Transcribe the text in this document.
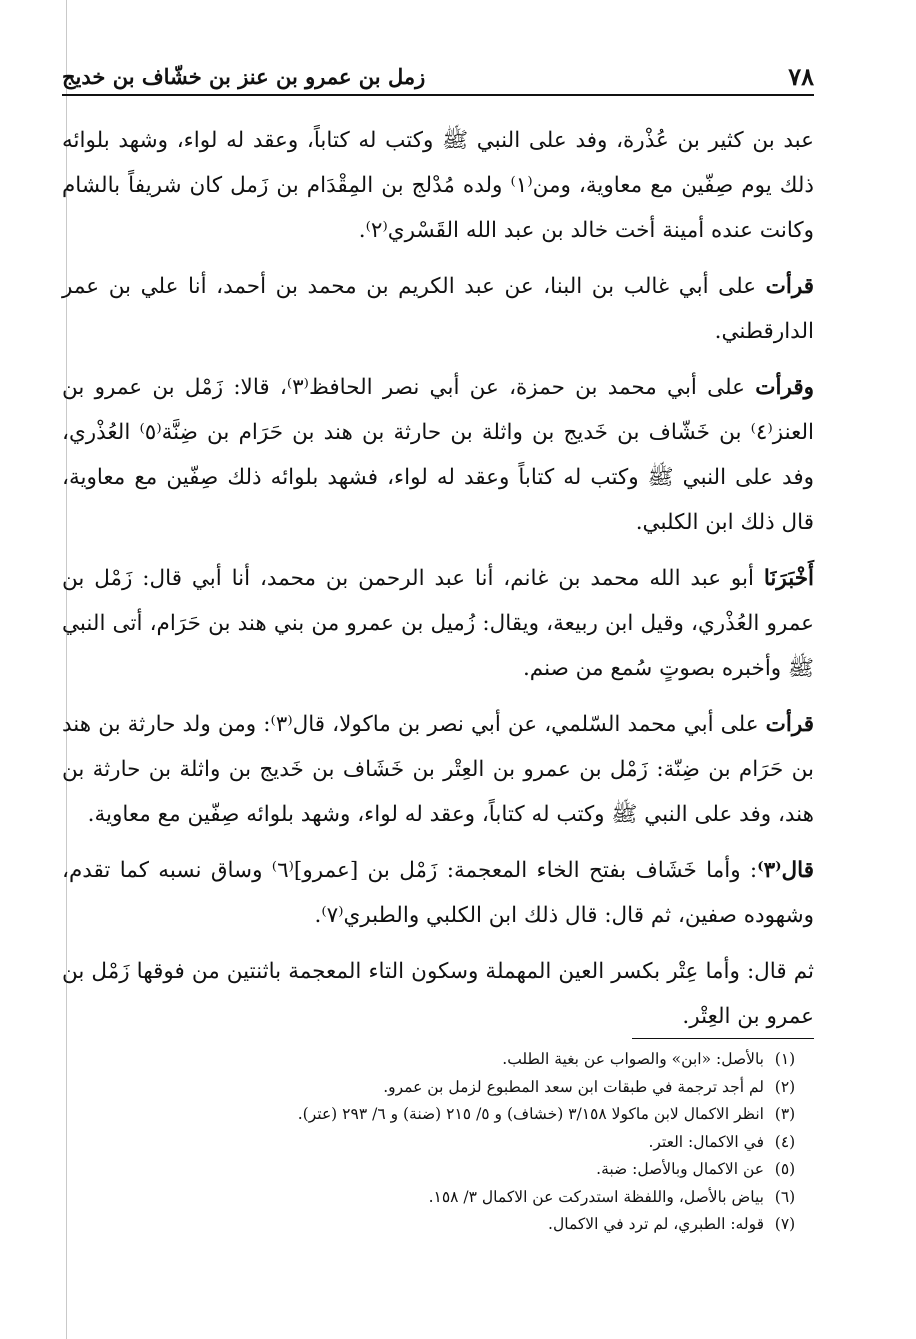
٧٨
زمل بن عمرو بن عنز بن خشّاف بن خديج

عبد بن كثير بن عُذْرة، وفد على النبي ﷺ وكتب له كتاباً، وعقد له لواء، وشهد بلوائه ذلك يوم صِفّين مع معاوية، ومن⁽١⁾ ولده مُدْلج بن المِقْدَام بن زَمل كان شريفاً بالشام وكانت عنده أمينة أخت خالد بن عبد الله القَسْري⁽٢⁾.

قرأت على أبي غالب بن البنا، عن عبد الكريم بن محمد بن أحمد، أنا علي بن عمر الدارقطني.

وقرأت على أبي محمد بن حمزة، عن أبي نصر الحافظ⁽٣⁾، قالا: زَمْل بن عمرو بن العنز⁽٤⁾ بن خَشّاف بن خَديج بن واثلة بن حارثة بن هند بن حَرَام بن ضِنَّة⁽٥⁾ العُذْري، وفد على النبي ﷺ وكتب له كتاباً وعقد له لواء، فشهد بلوائه ذلك صِفّين مع معاوية، قال ذلك ابن الكلبي.

أَخْبَرَنَا أبو عبد الله محمد بن غانم، أنا عبد الرحمن بن محمد، أنا أبي قال: زَمْل بن عمرو العُذْري، وقيل ابن ربيعة، ويقال: زُميل بن عمرو من بني هند بن حَرَام، أتى النبي ﷺ وأخبره بصوتٍ سُمع من صنم.

قرأت على أبي محمد السّلمي، عن أبي نصر بن ماكولا، قال⁽٣⁾: ومن ولد حارثة بن هند بن حَرَام بن ضِنّة: زَمْل بن عمرو بن العِتْر بن خَشَاف بن خَديج بن واثلة بن حارثة بن هند، وفد على النبي ﷺ وكتب له كتاباً، وعقد له لواء، وشهد بلوائه صِفّين مع معاوية.

قال⁽٣⁾: وأما خَشَاف بفتح الخاء المعجمة: زَمْل بن [عمرو]⁽٦⁾ وساق نسبه كما تقدم، وشهوده صفين، ثم قال: قال ذلك ابن الكلبي والطبري⁽٧⁾.

ثم قال: وأما عِتْر بكسر العين المهملة وسكون التاء المعجمة باثنتين من فوقها زَمْل بن عمرو بن العِتْر.

(١)
بالأصل: «ابن» والصواب عن بغية الطلب.
(٢)
لم أجد ترجمة في طبقات ابن سعد المطبوع لزمل بن عمرو.
(٣)
انظر الاكمال لابن ماكولا ٣/١٥٨ (خشاف) و ٥/ ٢١٥ (ضنة) و ٦/ ٢٩٣ (عتر).
(٤)
في الاكمال: العتر.
(٥)
عن الاكمال وبالأصل: ضبة.
(٦)
بياض بالأصل، واللفظة استدركت عن الاكمال ٣/ ١٥٨.
(٧)
قوله: الطبري، لم ترد في الاكمال.
